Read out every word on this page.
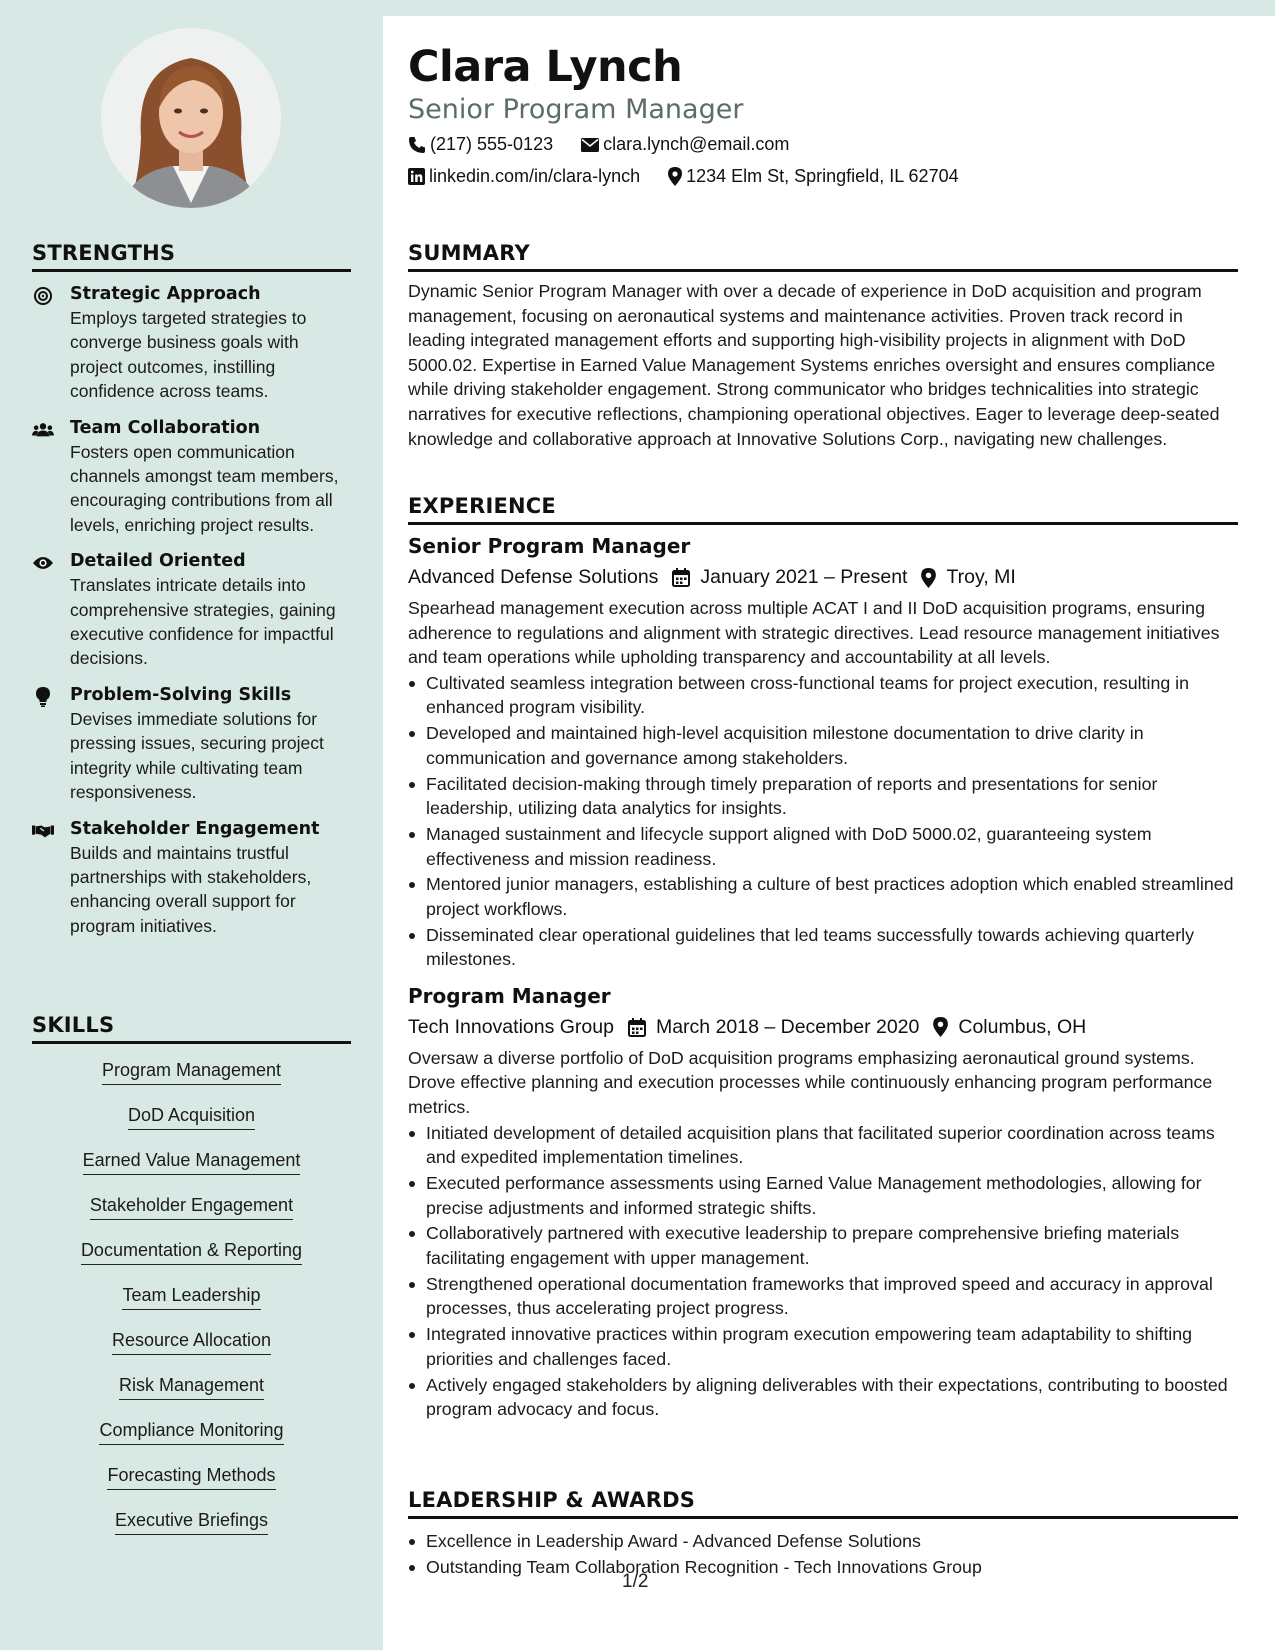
STRENGTHS
Strategic Approach
Employs targeted strategies to converge business goals with project outcomes, instilling confidence across teams.
Team Collaboration
Fosters open communication channels amongst team members, encouraging contributions from all levels, enriching project results.
Detailed Oriented
Translates intricate details into comprehensive strategies, gaining executive confidence for impactful decisions.
Problem-Solving Skills
Devises immediate solutions for pressing issues, securing project integrity while cultivating team responsiveness.
Stakeholder Engagement
Builds and maintains trustful partnerships with stakeholders, enhancing overall support for program initiatives.
SKILLS
Program Management
DoD Acquisition
Earned Value Management
Stakeholder Engagement
Documentation & Reporting
Team Leadership
Resource Allocation
Risk Management
Compliance Monitoring
Forecasting Methods
Executive Briefings
Clara Lynch
Senior Program Manager
(217) 555-0123	clara.lynch@email.com
linkedin.com/in/clara-lynch	1234 Elm St, Springfield, IL 62704
SUMMARY
Dynamic Senior Program Manager with over a decade of experience in DoD acquisition and program management, focusing on aeronautical systems and maintenance activities. Proven track record in leading integrated management efforts and supporting high-visibility projects in alignment with DoD 5000.02. Expertise in Earned Value Management Systems enriches oversight and ensures compliance while driving stakeholder engagement. Strong communicator who bridges technicalities into strategic narratives for executive reflections, championing operational objectives. Eager to leverage deep-seated knowledge and collaborative approach at Innovative Solutions Corp., navigating new challenges.
EXPERIENCE
Senior Program Manager
Advanced Defense Solutions January 2021 – Present Troy, MI
Spearhead management execution across multiple ACAT I and II DoD acquisition programs, ensuring adherence to regulations and alignment with strategic directives. Lead resource management initiatives and team operations while upholding transparency and accountability at all levels.
Cultivated seamless integration between cross-functional teams for project execution, resulting in enhanced program visibility.
Developed and maintained high-level acquisition milestone documentation to drive clarity in communication and governance among stakeholders.
Facilitated decision-making through timely preparation of reports and presentations for senior leadership, utilizing data analytics for insights.
Managed sustainment and lifecycle support aligned with DoD 5000.02, guaranteeing system effectiveness and mission readiness.
Mentored junior managers, establishing a culture of best practices adoption which enabled streamlined project workflows.
Disseminated clear operational guidelines that led teams successfully towards achieving quarterly milestones.
Program Manager
Tech Innovations Group March 2018 – December 2020 Columbus, OH
Oversaw a diverse portfolio of DoD acquisition programs emphasizing aeronautical ground systems. Drove effective planning and execution processes while continuously enhancing program performance metrics.
Initiated development of detailed acquisition plans that facilitated superior coordination across teams and expedited implementation timelines.
Executed performance assessments using Earned Value Management methodologies, allowing for precise adjustments and informed strategic shifts.
Collaboratively partnered with executive leadership to prepare comprehensive briefing materials facilitating engagement with upper management.
Strengthened operational documentation frameworks that improved speed and accuracy in approval processes, thus accelerating project progress.
Integrated innovative practices within program execution empowering team adaptability to shifting priorities and challenges faced.
Actively engaged stakeholders by aligning deliverables with their expectations, contributing to boosted program advocacy and focus.
LEADERSHIP & AWARDS
Excellence in Leadership Award - Advanced Defense Solutions
Outstanding Team Collaboration Recognition - Tech Innovations Group
1/2
